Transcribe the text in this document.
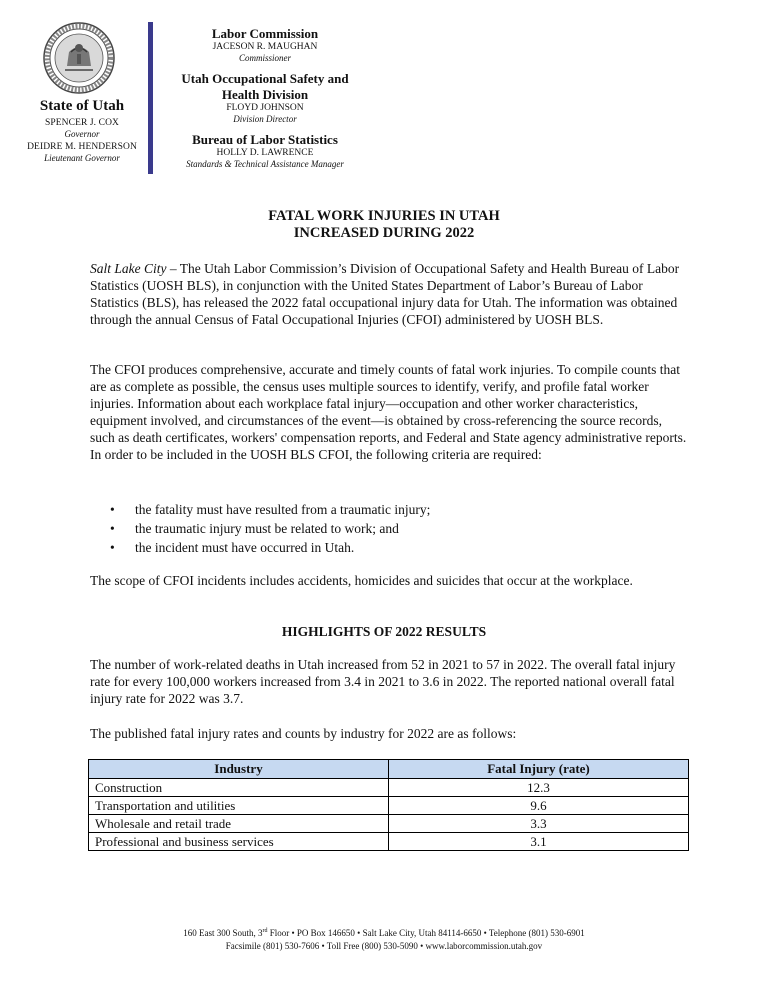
State of Utah
SPENCER J. COX
Governor
DEIDRE M. HENDERSON
Lieutenant Governor
Labor Commission
JACESON R. MAUGHAN
Commissioner
Utah Occupational Safety and Health Division
FLOYD JOHNSON
Division Director
Bureau of Labor Statistics
HOLLY D. LAWRENCE
Standards & Technical Assistance Manager
FATAL WORK INJURIES IN UTAH
INCREASED DURING 2022

Salt Lake City – The Utah Labor Commission’s Division of Occupational Safety and Health Bureau of Labor Statistics (UOSH BLS), in conjunction with the United States Department of Labor’s Bureau of Labor Statistics (BLS), has released the 2022 fatal occupational injury data for Utah. The information was obtained through the annual Census of Fatal Occupational Injuries (CFOI) administered by UOSH BLS.

The CFOI produces comprehensive, accurate and timely counts of fatal work injuries. To compile counts that are as complete as possible, the census uses multiple sources to identify, verify, and profile fatal worker injuries. Information about each workplace fatal injury—occupation and other worker characteristics, equipment involved, and circumstances of the event—is obtained by cross-referencing the source records, such as death certificates, workers' compensation reports, and Federal and State agency administrative reports. In order to be included in the UOSH BLS CFOI, the following criteria are required:

•	the fatality must have resulted from a traumatic injury;
•	the traumatic injury must be related to work; and
•	the incident must have occurred in Utah.

The scope of CFOI incidents includes accidents, homicides and suicides that occur at the workplace.

HIGHLIGHTS OF 2022 RESULTS

The number of work-related deaths in Utah increased from 52 in 2021 to 57 in 2022. The overall fatal injury rate for every 100,000 workers increased from 3.4 in 2021 to 3.6 in 2022. The reported national overall fatal injury rate for 2022 was 3.7.

The published fatal injury rates and counts by industry for 2022 are as follows:

Industry	Fatal Injury (rate)
Construction	12.3
Transportation and utilities	9.6
Wholesale and retail trade	3.3
Professional and business services	3.1
160 East 300 South, 3rd Floor • PO Box 146650 • Salt Lake City, Utah 84114-6650 • Telephone (801) 530-6901
Facsimile (801) 530-7606 • Toll Free (800) 530-5090 • www.laborcommission.utah.gov
